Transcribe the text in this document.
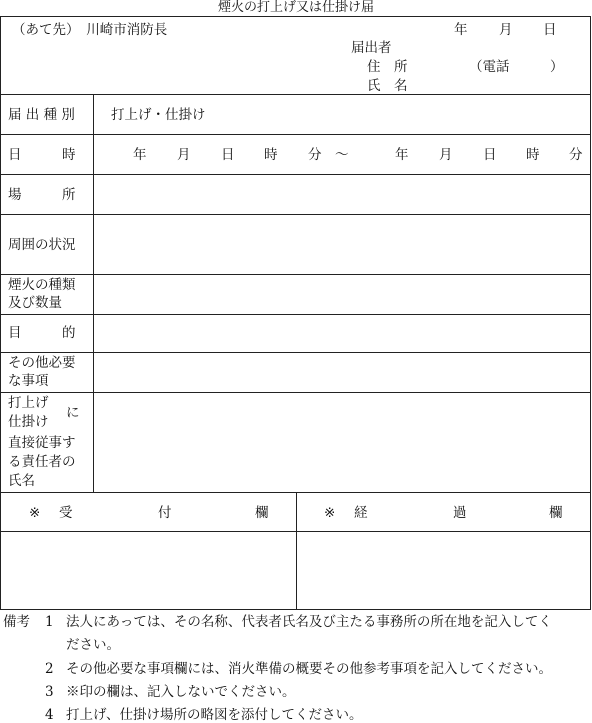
煙火の打上げ又は仕掛け届
（あて先）　川崎市消防長	年 月 日
届出者
住　所	（電話　　　）
氏　名
届 出 種 別	打上げ・仕掛け
日　　　時	年 月 日 時 分 ～	年 月 日 時 分
場　　　所
周囲の状況
煙火の種類
及び数量
目　　　的
その他必要
な事項
打上げ
仕掛け
に
直接従事す
る責任者の
氏名
※ 受	付	欄	※ 経	過	欄
備考 1 法人にあっては、その名称、代表者氏名及び主たる事務所の所在地を記入してく
ださい。
2 その他必要な事項欄には、消火準備の概要その他参考事項を記入してください。
3 ※印の欄は、記入しないでください。
4 打上げ、仕掛け場所の略図を添付してください。
